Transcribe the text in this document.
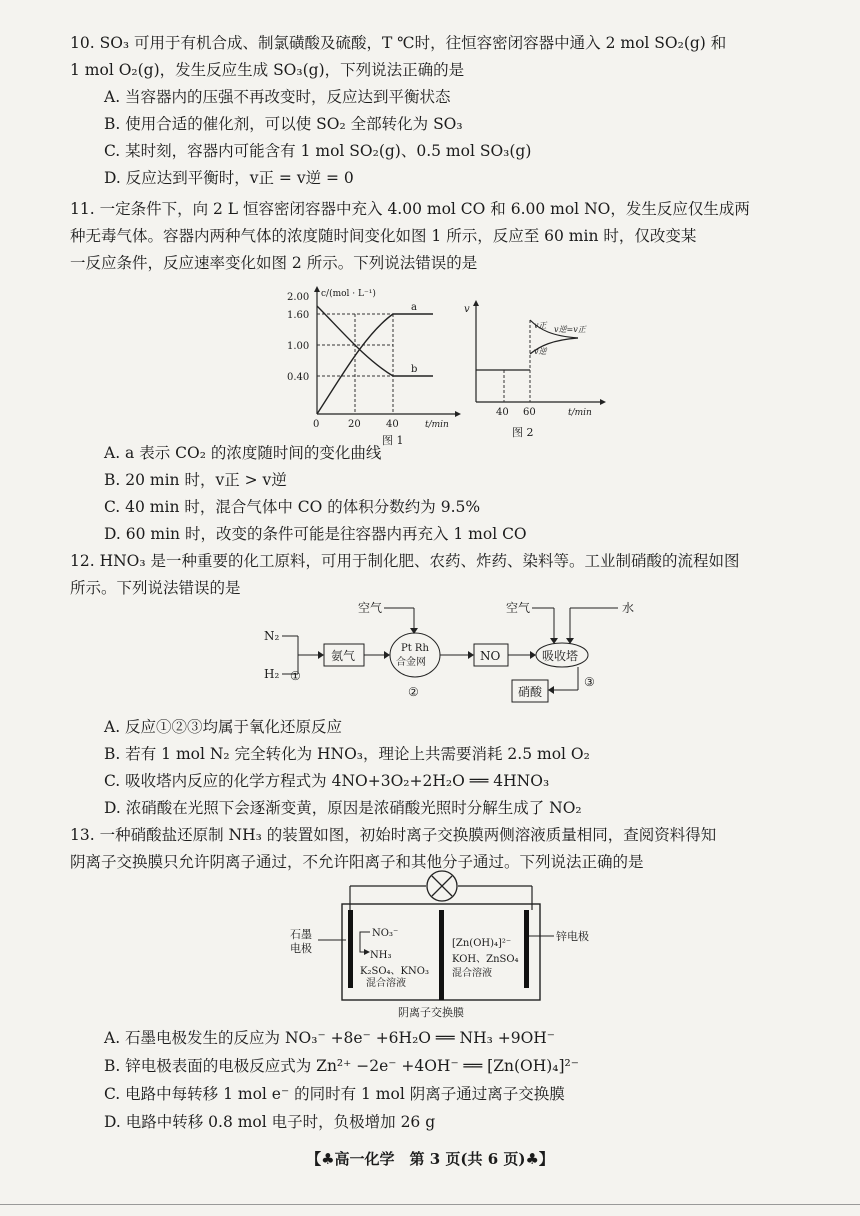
10. SO₃ 可用于有机合成、制氯磺酸及硫酸，T ℃时，往恒容密闭容器中通入 2 mol SO₂(g) 和

1 mol O₂(g)，发生反应生成 SO₃(g)，下列说法正确的是

A. 当容器内的压强不再改变时，反应达到平衡状态
B. 使用合适的催化剂，可以使 SO₂ 全部转化为 SO₃
C. 某时刻，容器内可能含有 1 mol SO₂(g)、0.5 mol SO₃(g)
D. 反应达到平衡时，v正 = v逆 = 0

11. 一定条件下，向 2 L 恒容密闭容器中充入 4.00 mol CO 和 6.00 mol NO，发生反应仅生成两

种无毒气体。容器内两种气体的浓度随时间变化如图 1 所示，反应至 60 min 时，仅改变某

一反应条件，反应速率变化如图 2 所示。下列说法错误的是

c/(mol · L⁻¹)
2.00
1.60
1.00
0.40
a
b
0	20	40	t/min
图 1
v
v正 v逆=v正
v逆
40 60	t/min
图 2
A. a 表示 CO₂ 的浓度随时间的变化曲线
B. 20 min 时，v正 > v逆
C. 40 min 时，混合气体中 CO 的体积分数约为 9.5%
D. 60 min 时，改变的条件可能是往容器内再充入 1 mol CO

12. HNO₃ 是一种重要的化工原料，可用于制化肥、农药、炸药、染料等。工业制硝酸的流程如图

所示。下列说法错误的是

空气	空气	水
N₂
H₂ ①
氨气
Pt Rh
合金网
②
NO	吸收塔
③
硝酸
A. 反应①②③均属于氧化还原反应
B. 若有 1 mol N₂ 完全转化为 HNO₃，理论上共需要消耗 2.5 mol O₂
C. 吸收塔内反应的化学方程式为 4NO+3O₂+2H₂O ══ 4HNO₃
D. 浓硝酸在光照下会逐渐变黄，原因是浓硝酸光照时分解生成了 NO₂

13. 一种硝酸盐还原制 NH₃ 的装置如图，初始时离子交换膜两侧溶液质量相同，查阅资料得知

阴离子交换膜只允许阴离子通过，不允许阳离子和其他分子通过。下列说法正确的是

石墨
电极
NO₃⁻
NH₃
K₂SO₄、KNO₃
混合溶液
[Zn(OH)₄]²⁻
KOH、ZnSO₄
混合溶液
锌电极
阴离子交换膜
A. 石墨电极发生的反应为 NO₃⁻ +8e⁻ +6H₂O ══ NH₃ +9OH⁻
B. 锌电极表面的电极反应式为 Zn²⁺ −2e⁻ +4OH⁻ ══ [Zn(OH)₄]²⁻
C. 电路中每转移 1 mol e⁻ 的同时有 1 mol 阴离子通过离子交换膜
D. 电路中转移 0.8 mol 电子时，负极增加 26 g
【♣高一化学　第 3 页(共 6 页)♣】
